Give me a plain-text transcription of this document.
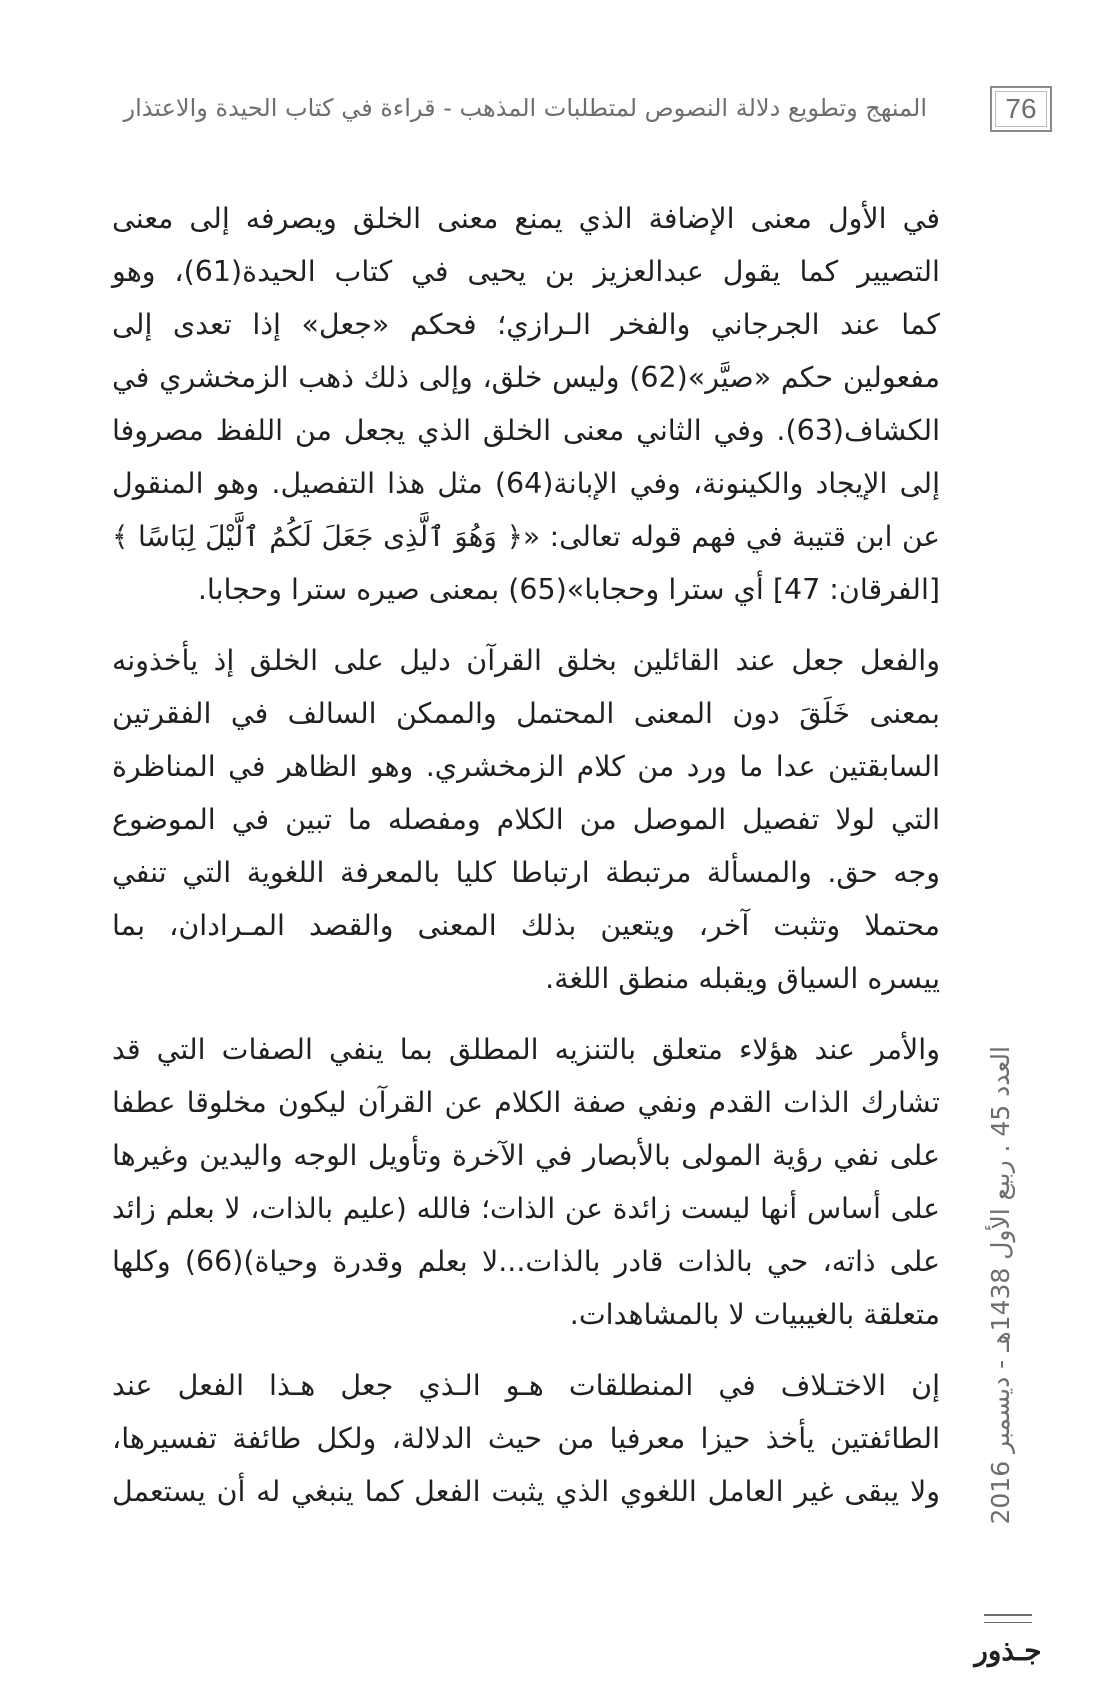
المنهج وتطويع دلالة النصوص لمتطلبات المذهب - قراءة في كتاب الحيدة والاعتذار	76
في الأول معنى الإضافة الذي يمنع معنى الخلق ويصرفه إلى معنى
التصيير كما يقول عبدالعزيز بن يحيى في كتاب الحيدة(61)، وهو
كما عند الجرجاني والفخر الـرازي؛ فحكم «جعل» إذا تعدى إلى
مفعولين حكم «صيَّر»(62) وليس خلق، وإلى ذلك ذهب الزمخشري في
الكشاف(63). وفي الثاني معنى الخلق الذي يجعل من اللفظ مصروفا
إلى الإيجاد والكينونة، وفي الإبانة(64) مثل هذا التفصيل. وهو المنقول
عن ابن قتيبة في فهم قوله تعالى: «﴿ وَهُوَ ٱلَّذِى جَعَلَ لَكُمُ ٱلَّيْلَ لِبَاسًا ﴾
[الفرقان: 47] أي سترا وحجابا»(65) بمعنى صيره سترا وحجابا.
والفعل جعل عند القائلين بخلق القرآن دليل على الخلق إذ يأخذونه
بمعنى خَلَقَ دون المعنى المحتمل والممكن السالف في الفقرتين
السابقتين عدا ما ورد من كلام الزمخشري. وهو الظاهر في المناظرة
التي لولا تفصيل الموصل من الكلام ومفصله ما تبين في الموضوع
وجه حق. والمسألة مرتبطة ارتباطا كليا بالمعرفة اللغوية التي تنفي
محتملا وتثبت آخر، ويتعين بذلك المعنى والقصد المـرادان، بما
ييسره السياق ويقبله منطق اللغة.
والأمر عند هؤلاء متعلق بالتنزيه المطلق بما ينفي الصفات التي قد
تشارك الذات القدم ونفي صفة الكلام عن القرآن ليكون مخلوقا عطفا
على نفي رؤية المولى بالأبصار في الآخرة وتأويل الوجه واليدين وغيرها
على أساس أنها ليست زائدة عن الذات؛ فالله (عليم بالذات، لا بعلم زائد
على ذاته، حي بالذات قادر بالذات...لا بعلم وقدرة وحياة)(66) وكلها
متعلقة بالغيبيات لا بالمشاهدات.
إن الاختـلاف في المنطلقات هـو الـذي جعل هـذا الفعل عند
الطائفتين يأخذ حيزا معرفيا من حيث الدلالة، ولكل طائفة تفسيرها،
ولا يبقى غير العامل اللغوي الذي يثبت الفعل كما ينبغي له أن يستعمل العدد 45 . ربيع الأول 1438هـ - ديسمبر 2016
جـذور
